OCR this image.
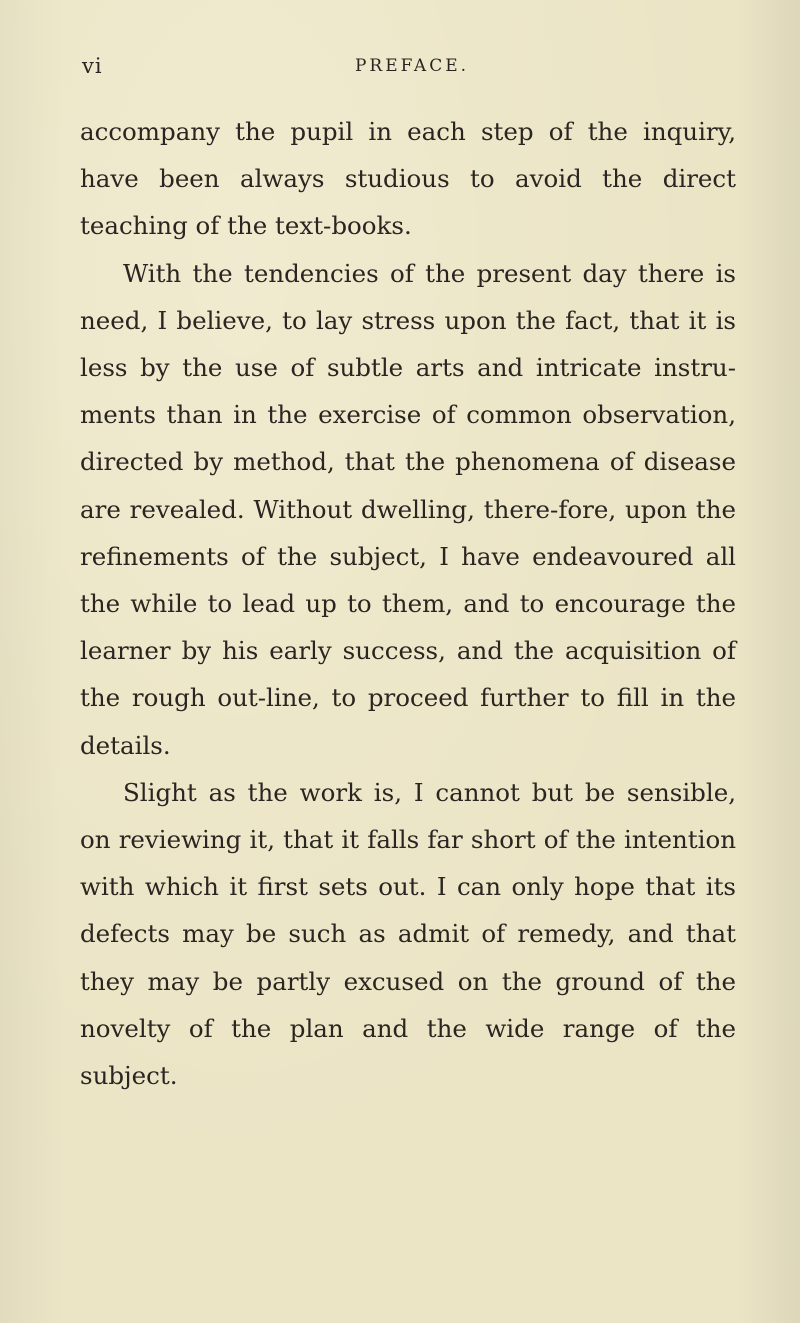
vi	PREFACE.

accompany the pupil in each step of the inquiry, have been always studious to avoid the direct teaching of the text-books.

With the tendencies of the present day there is need, I believe, to lay stress upon the fact, that it is less by the use of subtle arts and intricate instru-ments than in the exercise of common observation, directed by method, that the phenomena of disease are revealed. Without dwelling, there-fore, upon the refinements of the subject, I have endeavoured all the while to lead up to them, and to encourage the learner by his early success, and the acquisition of the rough out-line, to proceed further to fill in the details.

Slight as the work is, I cannot but be sensible, on reviewing it, that it falls far short of the intention with which it first sets out. I can only hope that its defects may be such as admit of remedy, and that they may be partly excused on the ground of the novelty of the plan and the wide range of the subject.
